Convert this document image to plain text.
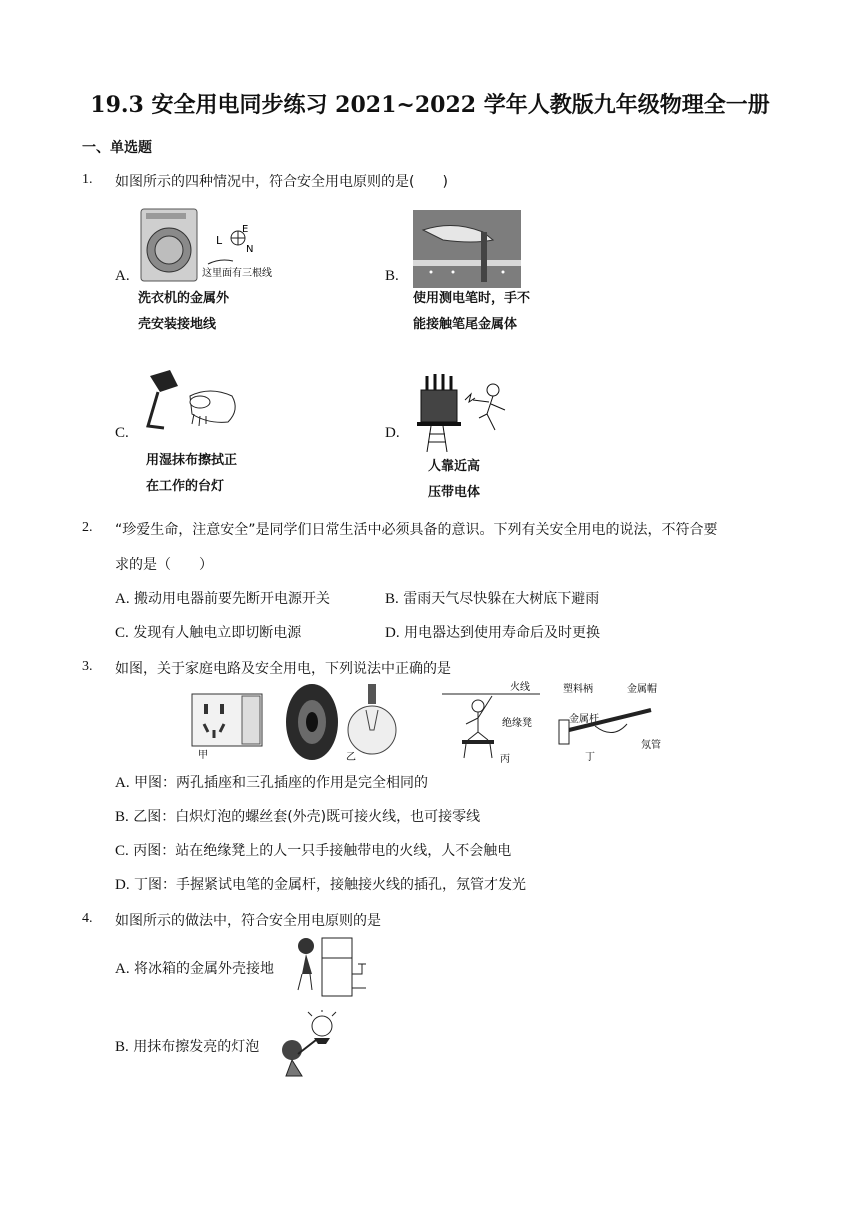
19.3 安全用电同步练习 2021~2022 学年人教版九年级物理全一册
一、单选题
1. 如图所示的四种情况中，符合安全用电原则的是(　　)
A.	这里面有三根线
L
E
N
洗衣机的金属外
壳安装接地线
B.
使用测电笔时，手不
能接触笔尾金属体
C.
用湿抹布擦拭正
在工作的台灯
D.
人靠近高
压带电体
2. “珍爱生命，注意安全”是同学们日常生活中必须具备的意识。下列有关安全用电的说法，不符合要
求的是（　　）
A. 搬动用电器前要先断开电源开关	B. 雷雨天气尽快躲在大树底下避雨
C. 发现有人触电立即切断电源	D. 用电器达到使用寿命后及时更换
3. 如图，关于家庭电路及安全用电，下列说法中正确的是
甲	乙
火线
绝缘凳
丙
塑料柄	金属帽
金属杆
氖管
丁
A. 甲图：两孔插座和三孔插座的作用是完全相同的
B. 乙图：白炽灯泡的螺丝套(外壳)既可接火线，也可接零线
C. 丙图：站在绝缘凳上的人一只手接触带电的火线，人不会触电
D. 丁图：手握紧试电笔的金属杆，接触接火线的插孔，氖管才发光
4. 如图所示的做法中，符合安全用电原则的是
A. 将冰箱的金属外壳接地
B. 用抹布擦发亮的灯泡
